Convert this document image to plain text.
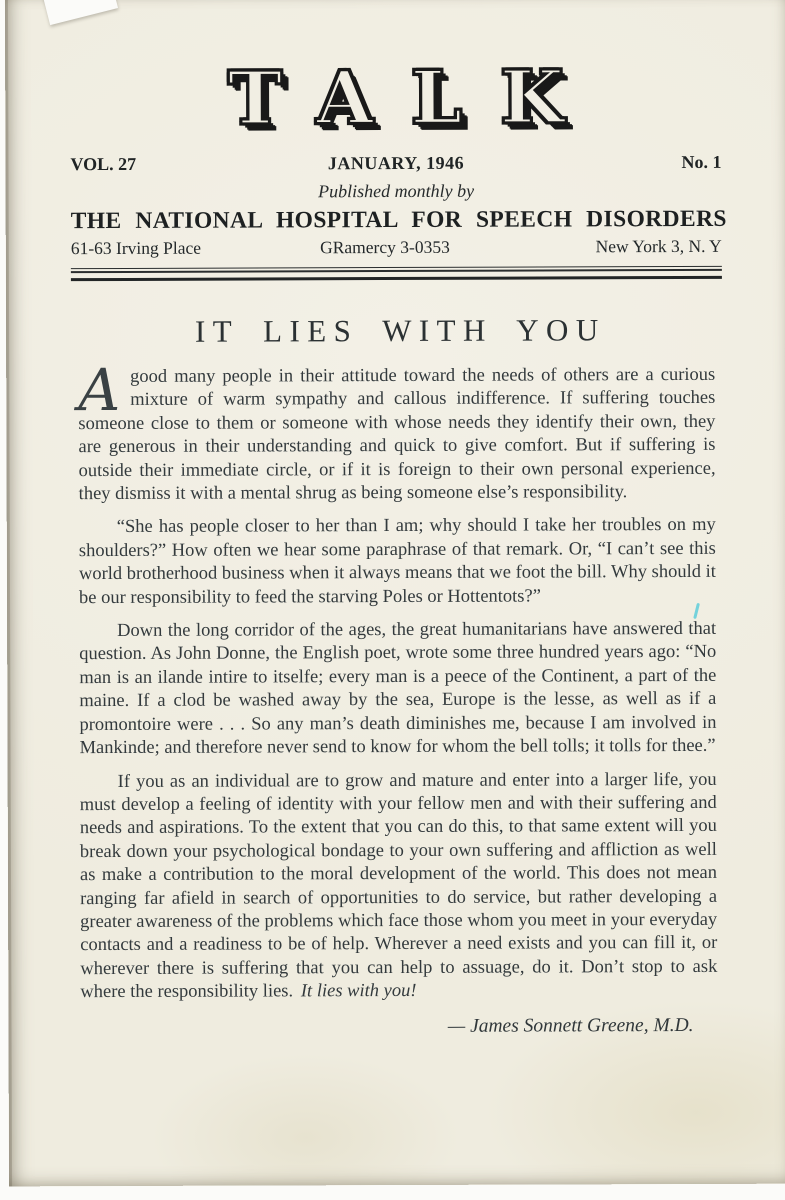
TALK
VOL. 27	JANUARY, 1946	No. 1
Published monthly by
THE NATIONAL HOSPITAL FOR SPEECH DISORDERS
61-63 Irving Place	GRamercy 3-0353	New York 3, N. Y
IT LIES WITH YOU

Agood many people in their attitude toward the needs of others are a curious mixture of warm sympathy and callous indifference. If suffering touches someone close to them or someone with whose needs they identify their own, they are generous in their understanding and quick to give comfort. But if suffering is outside their immediate circle, or if it is foreign to their own personal experience, they dismiss it with a mental shrug as being someone else’s responsibility.

“She has people closer to her than I am; why should I take her troubles on my shoulders?” How often we hear some paraphrase of that remark. Or, “I can’t see this world brotherhood business when it always means that we foot the bill. Why should it be our responsibility to feed the starving Poles or Hottentots?”

Down the long corridor of the ages, the great humanitarians have answered that question. As John Donne, the English poet, wrote some three hundred years ago: “No man is an ilande intire to itselfe; every man is a peece of the Continent, a part of the maine. If a clod be washed away by the sea, Europe is the lesse, as well as if a promontoire were . . . So any man’s death diminishes me, because I am involved in Mankinde; and therefore never send to know for whom the bell tolls; it tolls for thee.”

If you as an individual are to grow and mature and enter into a larger life, you must develop a feeling of identity with your fellow men and with their suffering and needs and aspirations. To the extent that you can do this, to that same extent will you break down your psychological bondage to your own suffering and affliction as well as make a contribution to the moral development of the world. This does not mean ranging far afield in search of opportunities to do service, but rather developing a greater awareness of the problems which face those whom you meet in your everyday contacts and a readiness to be of help. Wherever a need exists and you can fill it, or wherever there is suffering that you can help to assuage, do it. Don’t stop to ask where the responsibility lies. It lies with you!

— James Sonnett Greene, M.D.
